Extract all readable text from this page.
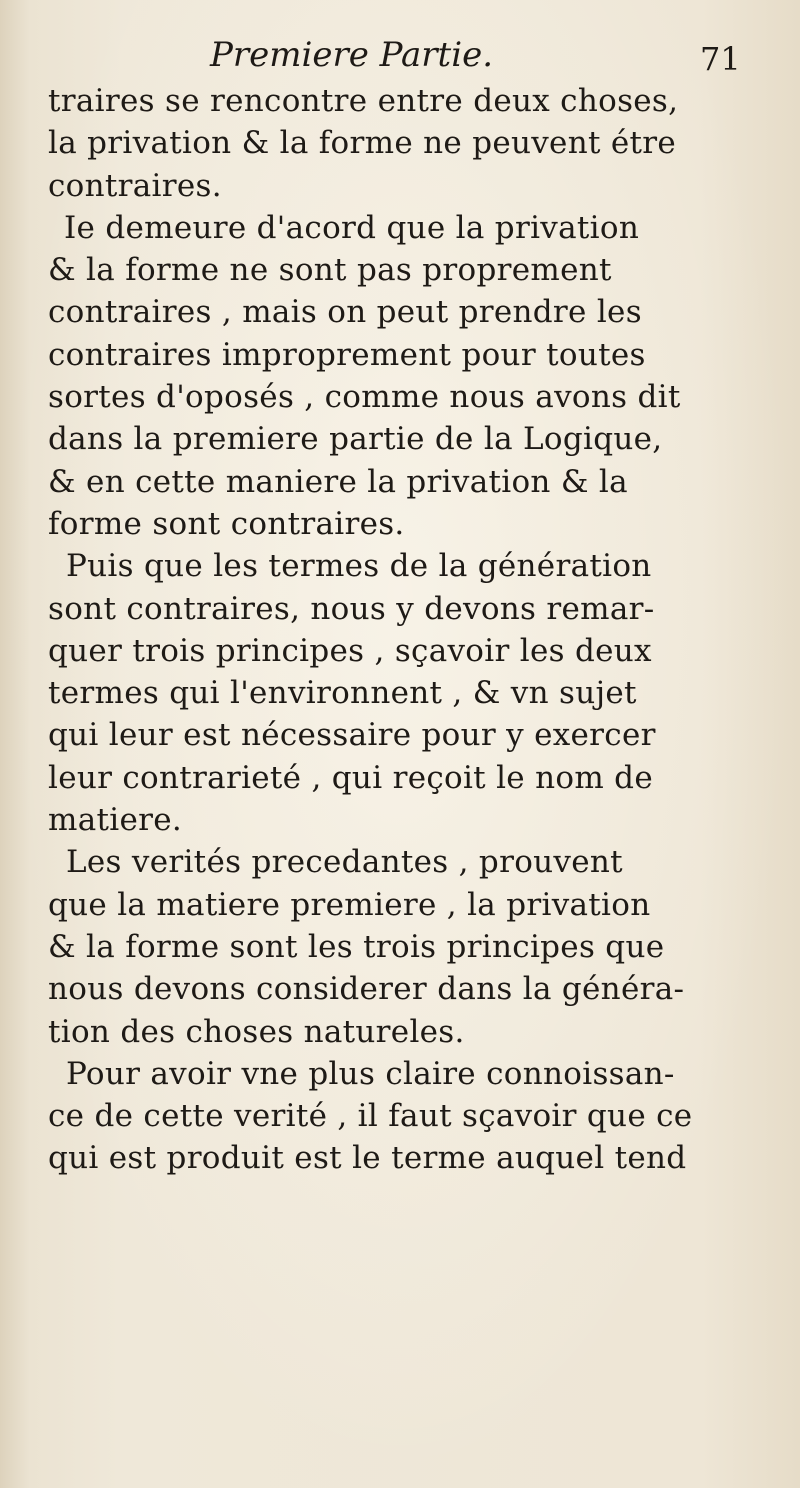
Premiere Partie.	71
traires se rencontre entre deux choses,
la privation & la forme ne peuvent étre
contraires.
Ie demeure d'acord que la privation
& la forme ne sont pas proprement
contraires , mais on peut prendre les
contraires improprement pour toutes
sortes d'oposés , comme nous avons dit
dans la premiere partie de la Logique,
& en cette maniere la privation & la
forme sont contraires.
Puis que les termes de la génération
sont contraires, nous y devons remar-
quer trois principes , sçavoir les deux
termes qui l'environnent , & vn sujet
qui leur est nécessaire pour y exercer
leur contrarieté , qui reçoit le nom de
matiere.
Les verités precedantes , prouvent
que la matiere premiere , la privation
& la forme sont les trois principes que
nous devons considerer dans la généra-
tion des choses natureles.
Pour avoir vne plus claire connoissan-
ce de cette verité , il faut sçavoir que ce
qui est produit est le terme auquel tend
